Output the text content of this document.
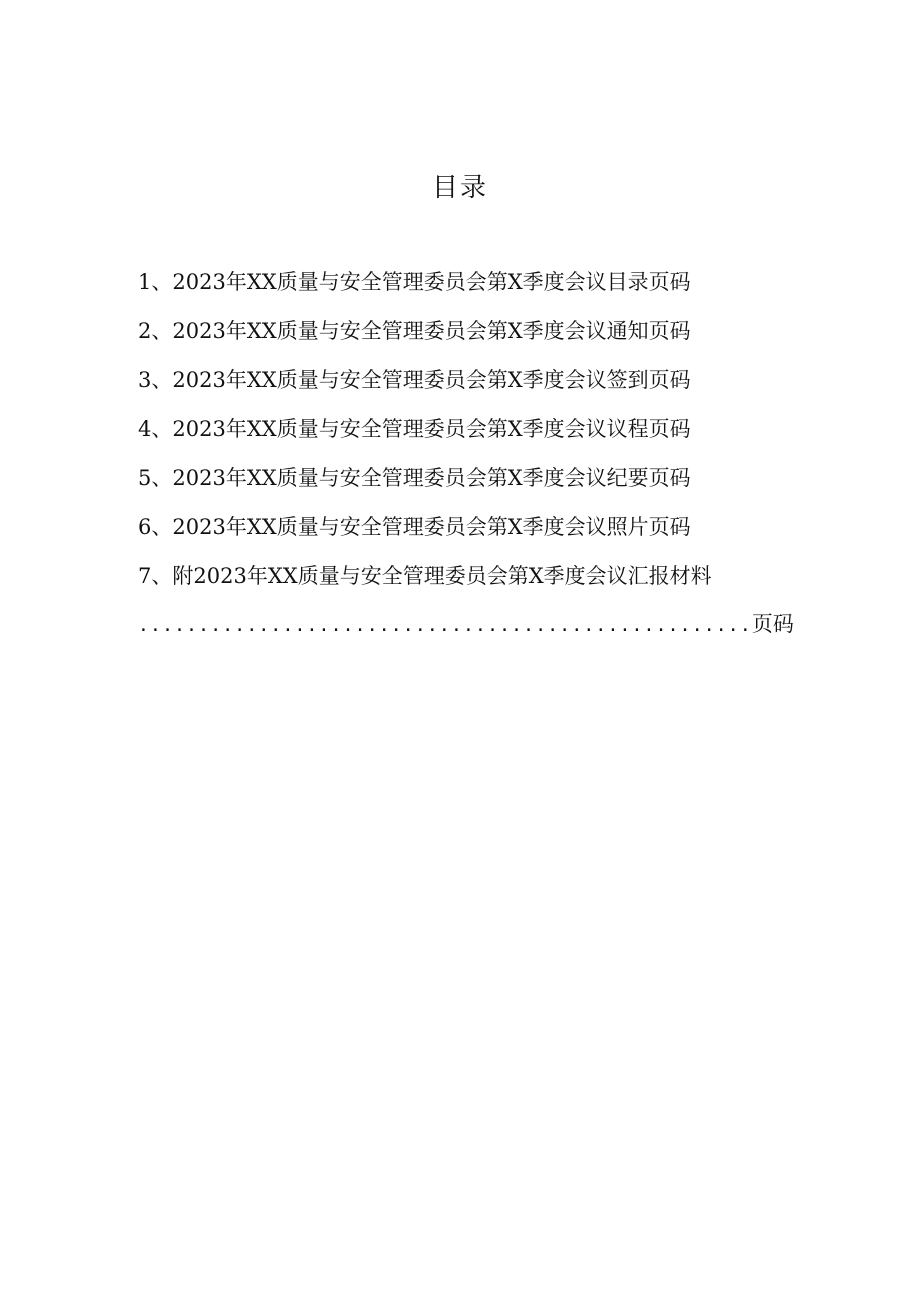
目录
1、2023年XX质量与安全管理委员会第X季度会议目录页码
2、2023年XX质量与安全管理委员会第X季度会议通知页码
3、2023年XX质量与安全管理委员会第X季度会议签到页码
4、2023年XX质量与安全管理委员会第X季度会议议程页码
5、2023年XX质量与安全管理委员会第X季度会议纪要页码
6、2023年XX质量与安全管理委员会第X季度会议照片页码
7、附2023年XX质量与安全管理委员会第X季度会议汇报材料
...................................................页码
